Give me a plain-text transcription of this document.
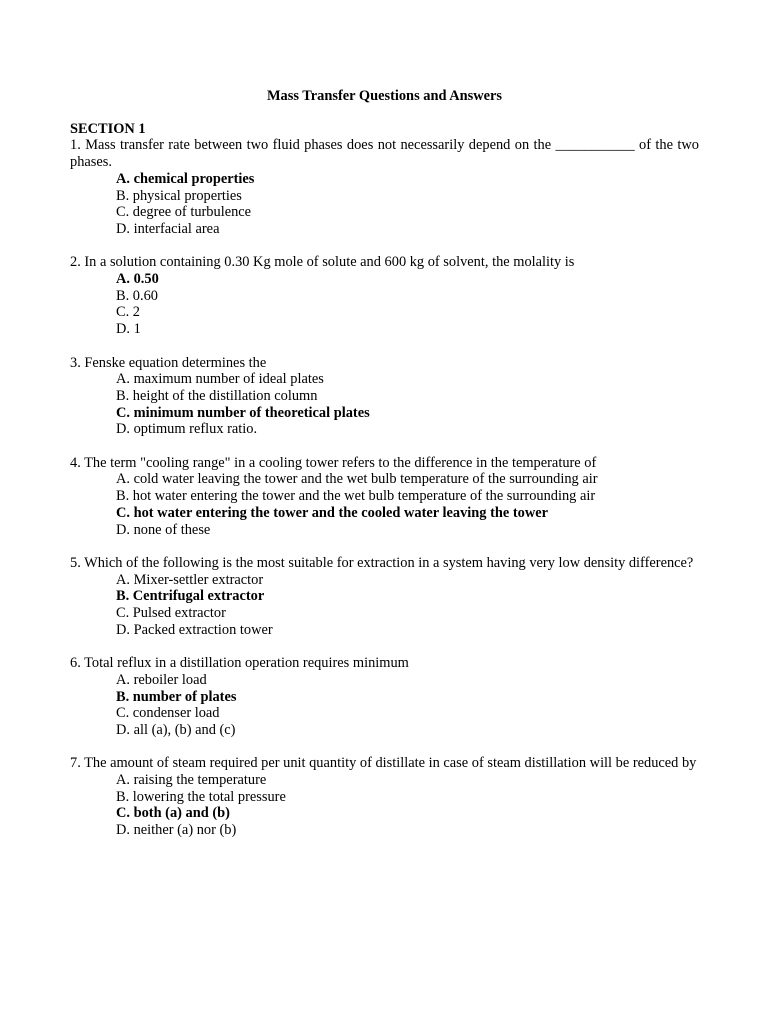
Mass Transfer Questions and Answers
SECTION 1

1. Mass transfer rate between two fluid phases does not necessarily depend on the ___________ of the two phases.

A. chemical properties
B. physical properties
C. degree of turbulence
D. interfacial area

2. In a solution containing 0.30 Kg mole of solute and 600 kg of solvent, the molality is

A. 0.50
B. 0.60
C. 2
D. 1

3. Fenske equation determines the

A. maximum number of ideal plates
B. height of the distillation column
C. minimum number of theoretical plates
D. optimum reflux ratio.

4. The term "cooling range" in a cooling tower refers to the difference in the temperature of

A. cold water leaving the tower and the wet bulb temperature of the surrounding air
B. hot water entering the tower and the wet bulb temperature of the surrounding air
C. hot water entering the tower and the cooled water leaving the tower
D. none of these

5. Which of the following is the most suitable for extraction in a system having very low density difference?

A. Mixer-settler extractor
B. Centrifugal extractor
C. Pulsed extractor
D. Packed extraction tower

6. Total reflux in a distillation operation requires minimum

A. reboiler load
B. number of plates
C. condenser load
D. all (a), (b) and (c)

7. The amount of steam required per unit quantity of distillate in case of steam distillation will be reduced by

A. raising the temperature
B. lowering the total pressure
C. both (a) and (b)
D. neither (a) nor (b)
